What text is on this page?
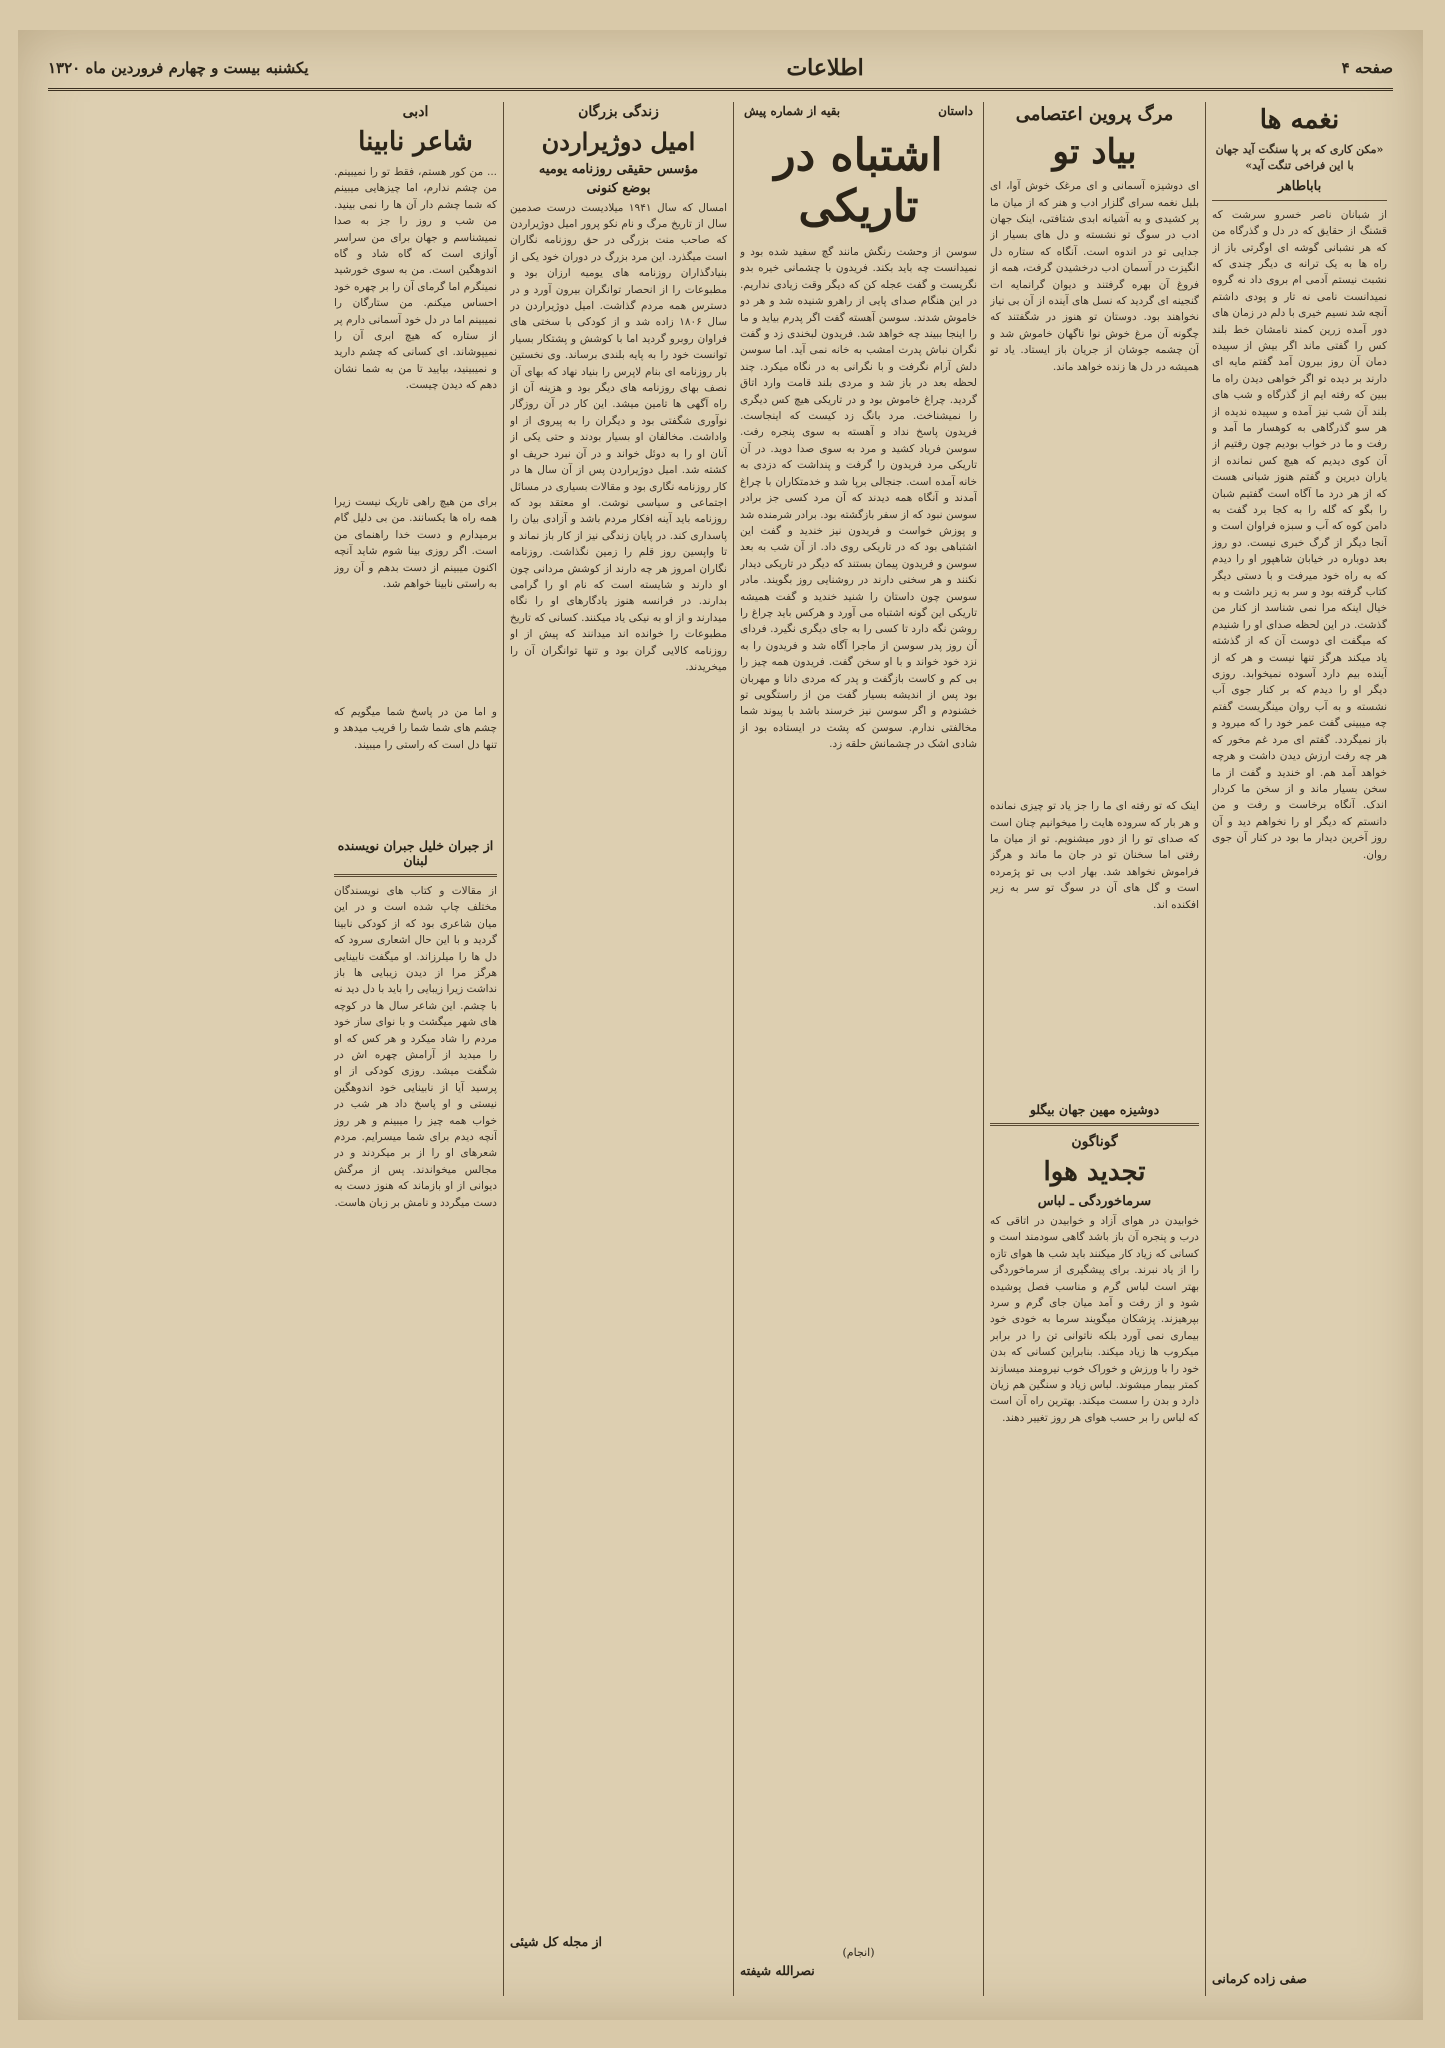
صفحه ۴
اطلاعات
یکشنبه بیست و چهارم فروردین ماه ۱۳۲۰
نغمه ها
«مکن کاری که بر پا سنگت آید جهان با این فراخی تنگت آید»
باباطاهر
از شبانان ناصر خسرو سرشت که قشنگ از حقایق که در دل و گذرگاه من که هر نشبانی گوشه ای اوگرتی باز از راه ها به یک ترانه ی دیگر چندی که نشبت نیستم آدمی ام بروی داد نه گروه نمیدانست نامی نه تار و پودی داشتم آنچه شد نسیم خیری با دلم در زمان های دور آمده زرین کمند نامشان خط بلند کس را گفتی ماند اگر بیش از سپیده دمان آن روز بیرون آمد گفتم مایه ای دارند بر دیده تو اگر خواهی دیدن راه ما ببین که رفته ایم از گذرگاه و شب های بلند آن شب نیز آمده و سپیده ندیده از هر سو گذرگاهی به کوهسار ما آمد و رفت و ما در خواب بودیم چون رفتیم از آن کوی دیدیم که هیچ کس نمانده از یاران دیرین و گفتم هنوز شبانی هست که از هر درد ما آگاه است گفتیم شبان را بگو که گله را به کجا برد گفت به دامن کوه که آب و سبزه فراوان است و آنجا دیگر از گرگ خبری نیست. دو روز بعد دوباره در خیابان شاهپور او را دیدم که به راه خود میرفت و با دستی دیگر کتاب گرفته بود و سر به زیر داشت و به خیال اینکه مرا نمی شناسد از کنار من گذشت. در این لحظه صدای او را شنیدم که میگفت ای دوست آن که از گذشته یاد میکند هرگز تنها نیست و هر که از آینده بیم دارد آسوده نمیخوابد. روزی دیگر او را دیدم که بر کنار جوی آب نشسته و به آب روان مینگریست گفتم چه میبینی گفت عمر خود را که میرود و باز نمیگردد. گفتم ای مرد غم مخور که هر چه رفت ارزش دیدن داشت و هرچه خواهد آمد هم. او خندید و گفت از ما سخن بسیار ماند و از سخن ما کردار اندک. آنگاه برخاست و رفت و من دانستم که دیگر او را نخواهم دید و آن روز آخرین دیدار ما بود در کنار آن جوی روان.
صفی زاده کرمانی
مرگ پروین اعتصامی
بیاد تو
ای دوشیزه آسمانی و ای مرغک خوش آوا، ای بلبل نغمه سرای گلزار ادب و هنر که از میان ما پر کشیدی و به آشیانه ابدی شتافتی، اینک جهان ادب در سوگ تو نشسته و دل های بسیار از جدایی تو در اندوه است. آنگاه که ستاره دل انگیزت در آسمان ادب درخشیدن گرفت، همه از فروغ آن بهره گرفتند و دیوان گرانمایه ات گنجینه ای گردید که نسل های آینده از آن بی نیاز نخواهند بود. دوستان تو هنوز در شگفتند که چگونه آن مرغ خوش نوا ناگهان خاموش شد و آن چشمه جوشان از جریان باز ایستاد. یاد تو همیشه در دل ها زنده خواهد ماند.
اینک که تو رفته ای ما را جز یاد تو چیزی نمانده و هر بار که سروده هایت را میخوانیم چنان است که صدای تو را از دور میشنویم. تو از میان ما رفتی اما سخنان تو در جان ما ماند و هرگز فراموش نخواهد شد. بهار ادب بی تو پژمرده است و گل های آن در سوگ تو سر به زیر افکنده اند.
دوشیزه مهین جهان بیگلو
گوناگون
تجدید هوا
سرماخوردگی ـ لباس
خوابیدن در هوای آزاد و خوابیدن در اتاقی که درب و پنجره آن باز باشد گاهی سودمند است و کسانی که زیاد کار میکنند باید شب ها هوای تازه را از یاد نبرند. برای پیشگیری از سرماخوردگی بهتر است لباس گرم و مناسب فصل پوشیده شود و از رفت و آمد میان جای گرم و سرد بپرهیزند. پزشکان میگویند سرما به خودی خود بیماری نمی آورد بلکه ناتوانی تن را در برابر میکروب ها زیاد میکند. بنابراین کسانی که بدن خود را با ورزش و خوراک خوب نیرومند میسازند کمتر بیمار میشوند. لباس زیاد و سنگین هم زیان دارد و بدن را سست میکند. بهترین راه آن است که لباس را بر حسب هوای هر روز تغییر دهند.
داستان
بقیه از شماره پیش
اشتباه در تاریکی
سوسن از وحشت رنگش مانند گچ سفید شده بود و نمیدانست چه باید بکند. فریدون با چشمانی خیره بدو نگریست و گفت عجله کن که دیگر وقت زیادی نداریم. در این هنگام صدای پایی از راهرو شنیده شد و هر دو خاموش شدند. سوسن آهسته گفت اگر پدرم بیاید و ما را اینجا ببیند چه خواهد شد. فریدون لبخندی زد و گفت نگران نباش پدرت امشب به خانه نمی آید. اما سوسن دلش آرام نگرفت و با نگرانی به در نگاه میکرد. چند لحظه بعد در باز شد و مردی بلند قامت وارد اتاق گردید. چراغ خاموش بود و در تاریکی هیچ کس دیگری را نمیشناخت. مرد بانگ زد کیست که اینجاست. فریدون پاسخ نداد و آهسته به سوی پنجره رفت. سوسن فریاد کشید و مرد به سوی صدا دوید. در آن تاریکی مرد فریدون را گرفت و پنداشت که دزدی به خانه آمده است. جنجالی برپا شد و خدمتکاران با چراغ آمدند و آنگاه همه دیدند که آن مرد کسی جز برادر سوسن نبود که از سفر بازگشته بود. برادر شرمنده شد و پوزش خواست و فریدون نیز خندید و گفت این اشتباهی بود که در تاریکی روی داد. از آن شب به بعد سوسن و فریدون پیمان بستند که دیگر در تاریکی دیدار نکنند و هر سخنی دارند در روشنایی روز بگویند. مادر سوسن چون داستان را شنید خندید و گفت همیشه تاریکی این گونه اشتباه می آورد و هرکس باید چراغ را روشن نگه دارد تا کسی را به جای دیگری نگیرد. فردای آن روز پدر سوسن از ماجرا آگاه شد و فریدون را به نزد خود خواند و با او سخن گفت. فریدون همه چیز را بی کم و کاست بازگفت و پدر که مردی دانا و مهربان بود پس از اندیشه بسیار گفت من از راستگویی تو خشنودم و اگر سوسن نیز خرسند باشد با پیوند شما مخالفتی ندارم. سوسن که پشت در ایستاده بود از شادی اشک در چشمانش حلقه زد.
(انجام)
نصرالله شیفته
زندگی بزرگان
امیل دوژیراردن
مؤسس حقیقی روزنامه یومیه
بوضع کنونی
امسال که سال ۱۹۴۱ میلادیست درست صدمین سال از تاریخ مرگ و نام نکو پرور امیل دوژیراردن که صاحب منت بزرگی در حق روزنامه نگاران است میگذرد. این مرد بزرگ در دوران خود یکی از بنیادگذاران روزنامه های یومیه ارزان بود و مطبوعات را از انحصار توانگران بیرون آورد و در دسترس همه مردم گذاشت. امیل دوژیراردن در سال ۱۸۰۶ زاده شد و از کودکی با سختی های فراوان روبرو گردید اما با کوشش و پشتکار بسیار توانست خود را به پایه بلندی برساند. وی نخستین بار روزنامه ای بنام لاپرس را بنیاد نهاد که بهای آن نصف بهای روزنامه های دیگر بود و هزینه آن از راه آگهی ها تامین میشد. این کار در آن روزگار نوآوری شگفتی بود و دیگران را به پیروی از او واداشت. مخالفان او بسیار بودند و حتی یکی از آنان او را به دوئل خواند و در آن نبرد حریف او کشته شد. امیل دوژیراردن پس از آن سال ها در کار روزنامه نگاری بود و مقالات بسیاری در مسائل اجتماعی و سیاسی نوشت. او معتقد بود که روزنامه باید آینه افکار مردم باشد و آزادی بیان را پاسداری کند. در پایان زندگی نیز از کار باز نماند و تا واپسین روز قلم را زمین نگذاشت. روزنامه نگاران امروز هر چه دارند از کوشش مردانی چون او دارند و شایسته است که نام او را گرامی بدارند. در فرانسه هنوز یادگارهای او را نگاه میدارند و از او به نیکی یاد میکنند. کسانی که تاریخ مطبوعات را خوانده اند میدانند که پیش از او روزنامه کالایی گران بود و تنها توانگران آن را میخریدند.
از مجله کل شیئی
ادبی
شاعر نابینا
... من کور هستم، فقط تو را نمیبینم. من چشم ندارم، اما چیزهایی میبینم که شما چشم دار آن ها را نمی بینید. من شب و روز را جز به صدا نمیشناسم و جهان برای من سراسر آوازی است که گاه شاد و گاه اندوهگین است. من به سوی خورشید نمینگرم اما گرمای آن را بر چهره خود احساس میکنم. من ستارگان را نمیبینم اما در دل خود آسمانی دارم پر از ستاره که هیچ ابری آن را نمیپوشاند. ای کسانی که چشم دارید و نمیبینید، بیایید تا من به شما نشان دهم که دیدن چیست.
برای من هیچ راهی تاریک نیست زیرا همه راه ها یکسانند. من بی دلیل گام برمیدارم و دست خدا راهنمای من است. اگر روزی بینا شوم شاید آنچه اکنون میبینم از دست بدهم و آن روز به راستی نابینا خواهم شد.
و اما من در پاسخ شما میگویم که چشم های شما شما را فریب میدهد و تنها دل است که راستی را میبیند.
از جبران خلیل جبران نویسنده لبنان
از مقالات و کتاب های نویسندگان مختلف چاپ شده است و در این میان شاعری بود که از کودکی نابینا گردید و با این حال اشعاری سرود که دل ها را میلرزاند. او میگفت نابینایی هرگز مرا از دیدن زیبایی ها باز نداشت زیرا زیبایی را باید با دل دید نه با چشم. این شاعر سال ها در کوچه های شهر میگشت و با نوای ساز خود مردم را شاد میکرد و هر کس که او را میدید از آرامش چهره اش در شگفت میشد. روزی کودکی از او پرسید آیا از نابینایی خود اندوهگین نیستی و او پاسخ داد هر شب در خواب همه چیز را میبینم و هر روز آنچه دیدم برای شما میسرایم. مردم شعرهای او را از بر میکردند و در مجالس میخواندند. پس از مرگش دیوانی از او بازماند که هنوز دست به دست میگردد و نامش بر زبان هاست.
